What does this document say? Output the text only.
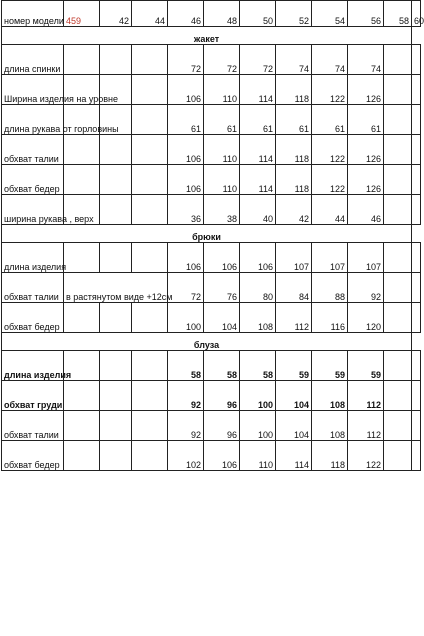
номер модели	459	42	44	46	48	50	52	54	56	58	60
жакет											
длина спинки				72	72	72	74	74	74		
Ширина изделия на уровне				106	110	114	118	122	126		
длина рукава от горловины				61	61	61	61	61	61		
обхват талии				106	110	114	118	122	126		
обхват бедер				106	110	114	118	122	126		
ширина рукава , верх				36	38	40	42	44	46		
брюки											
длина изделия				106	106	106	107	107	107		
обхват талии	в растянутом виде +12см			72	76	80	84	88	92		
обхват бедер				100	104	108	112	116	120		
блуза											
длина изделия				58	58	58	59	59	59		
обхват груди				92	96	100	104	108	112		
обхват талии				92	96	100	104	108	112		
обхват бедер				102	106	110	114	118	122		
